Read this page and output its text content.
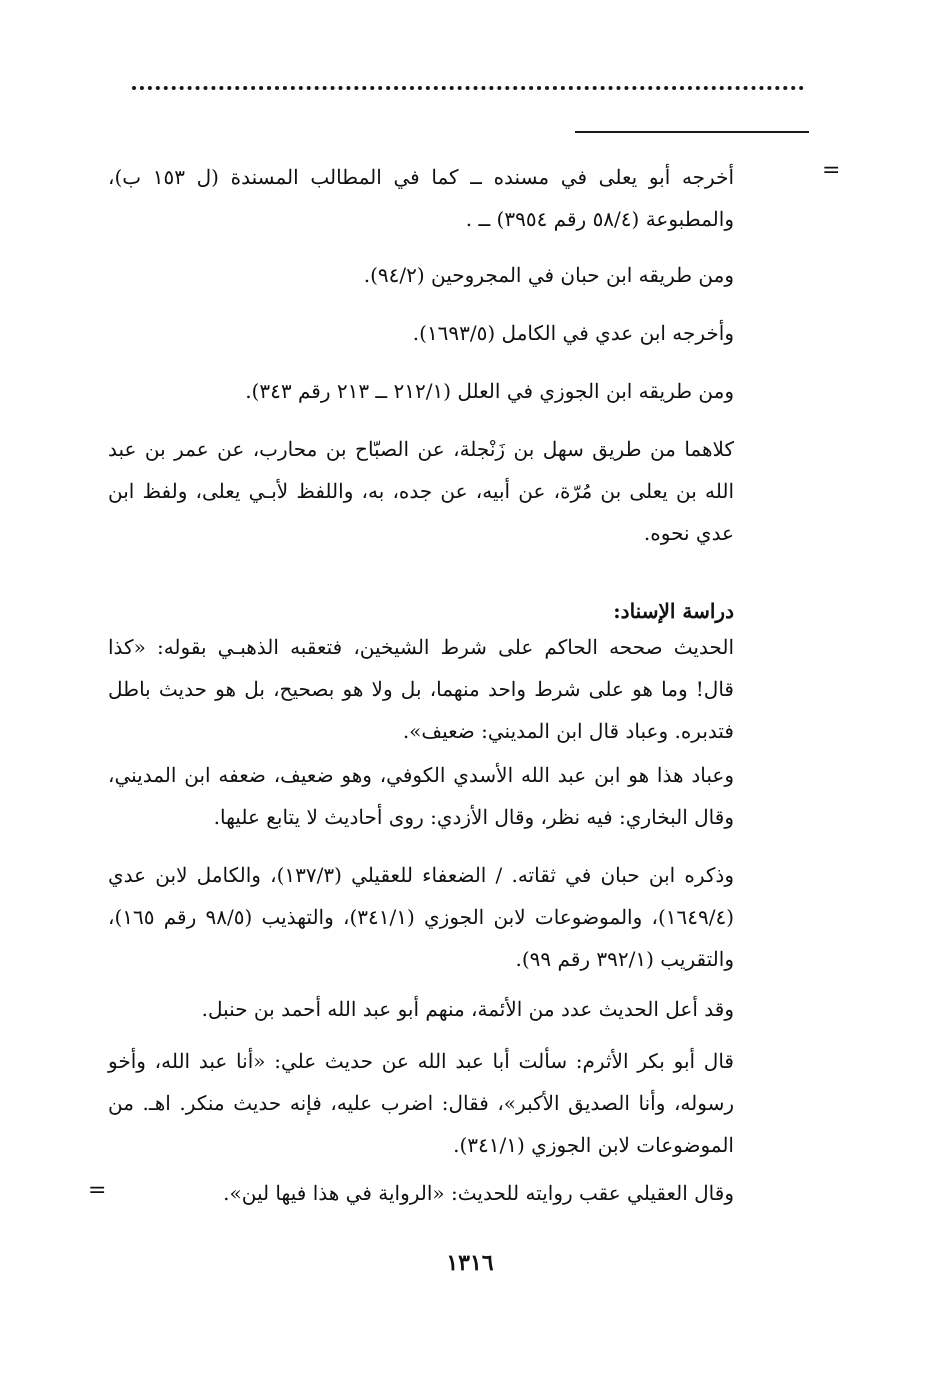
=
أخرجه أبو يعلى في مسنده ــ كما في المطالب المسندة (ل ١٥٣ ب)، والمطبوعة (٥٨/٤ رقم ٣٩٥٤) ــ .
ومن طريقه ابن حبان في المجروحين (٩٤/٢).
وأخرجه ابن عدي في الكامل (١٦٩٣/٥).
ومن طريقه ابن الجوزي في العلل (٢١٢/١ ــ ٢١٣ رقم ٣٤٣).
كلاهما من طريق سهل بن زَنْجلة، عن الصبّاح بن محارب، عن عمر بن عبد الله بن يعلى بن مُرّة، عن أبيه، عن جده، به، واللفظ لأبـي يعلى، ولفظ ابن عدي نحوه.
دراسة الإسناد:
الحديث صححه الحاكم على شرط الشيخين، فتعقبه الذهبـي بقوله: «كذا قال! وما هو على شرط واحد منهما، بل ولا هو بصحيح، بل هو حديث باطل فتدبره. وعباد قال ابن المديني: ضعيف».
وعباد هذا هو ابن عبد الله الأسدي الكوفي، وهو ضعيف، ضعفه ابن المديني، وقال البخاري: فيه نظر، وقال الأزدي: روى أحاديث لا يتابع عليها.
وذكره ابن حبان في ثقاته. / الضعفاء للعقيلي (١٣٧/٣)، والكامل لابن عدي (١٦٤٩/٤)، والموضوعات لابن الجوزي (٣٤١/١)، والتهذيب (٩٨/٥ رقم ١٦٥)، والتقريب (٣٩٢/١ رقم ٩٩).
وقد أعل الحديث عدد من الأئمة، منهم أبو عبد الله أحمد بن حنبل.
قال أبو بكر الأثرم: سألت أبا عبد الله عن حديث علي: «أنا عبد الله، وأخو رسوله، وأنا الصديق الأكبر»، فقال: اضرب عليه، فإنه حديث منكر. اهـ. من الموضوعات لابن الجوزي (٣٤١/١).
وقال العقيلي عقب روايته للحديث: «الرواية في هذا فيها لين».
=
١٣١٦
